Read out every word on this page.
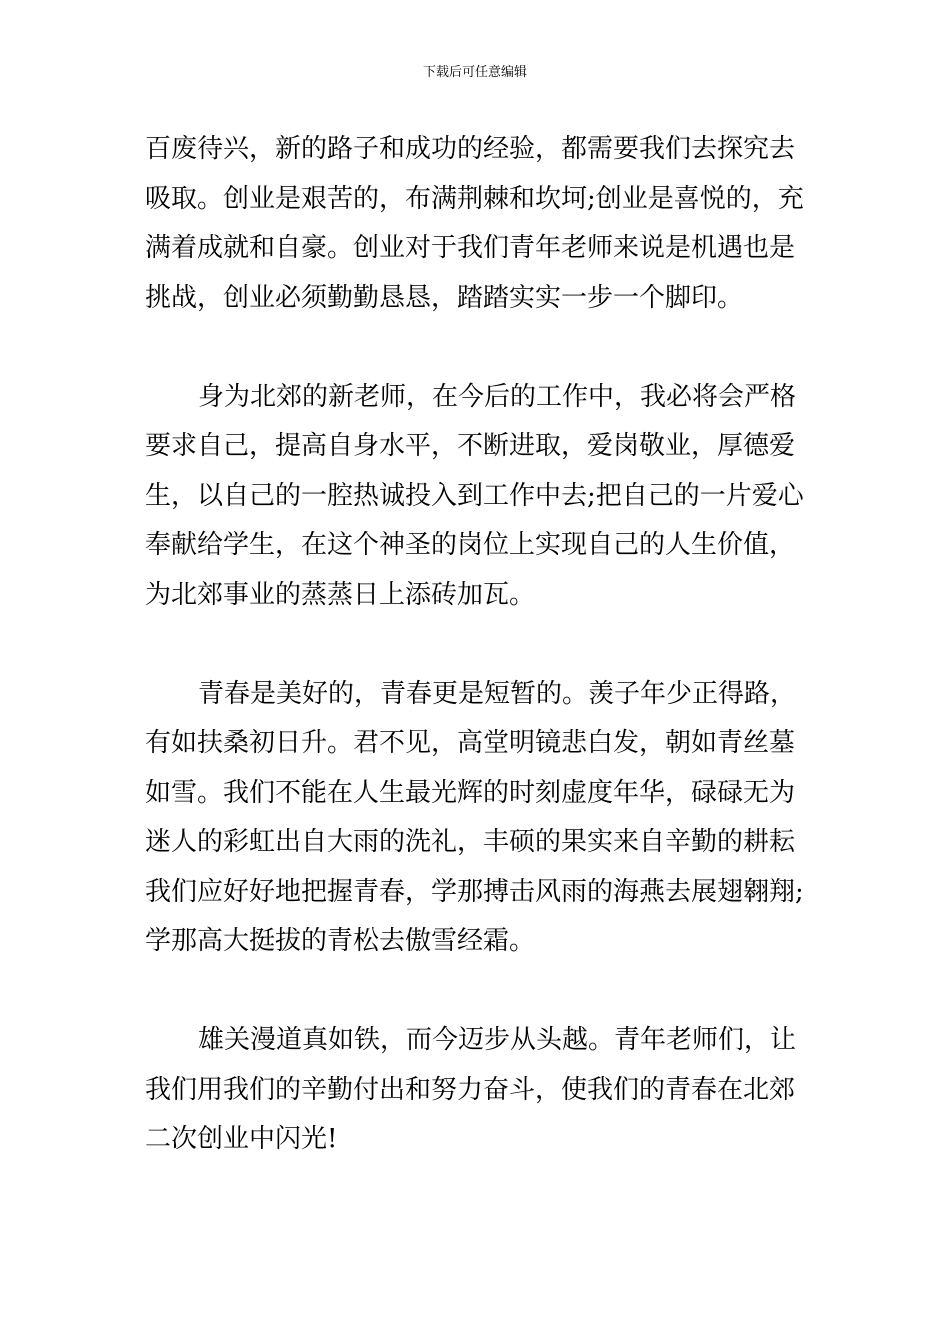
下载后可任意编辑
百废待兴，新的路子和成功的经验，都需要我们去探究去
吸取。创业是艰苦的，布满荆棘和坎坷;创业是喜悦的，充
满着成就和自豪。创业对于我们青年老师来说是机遇也是
挑战，创业必须勤勤恳恳，踏踏实实一步一个脚印。
身为北郊的新老师，在今后的工作中，我必将会严格
要求自己，提高自身水平，不断进取，爱岗敬业，厚德爱
生，以自己的一腔热诚投入到工作中去;把自己的一片爱心
奉献给学生，在这个神圣的岗位上实现自己的人生价值，
为北郊事业的蒸蒸日上添砖加瓦。
青春是美好的，青春更是短暂的。羡子年少正得路，
有如扶桑初日升。君不见，高堂明镜悲白发，朝如青丝墓
如雪。我们不能在人生最光辉的时刻虚度年华，碌碌无为
迷人的彩虹出自大雨的洗礼，丰硕的果实来自辛勤的耕耘
我们应好好地把握青春，学那搏击风雨的海燕去展翅翱翔;
学那高大挺拔的青松去傲雪经霜。
雄关漫道真如铁，而今迈步从头越。青年老师们，让
我们用我们的辛勤付出和努力奋斗，使我们的青春在北郊
二次创业中闪光!
